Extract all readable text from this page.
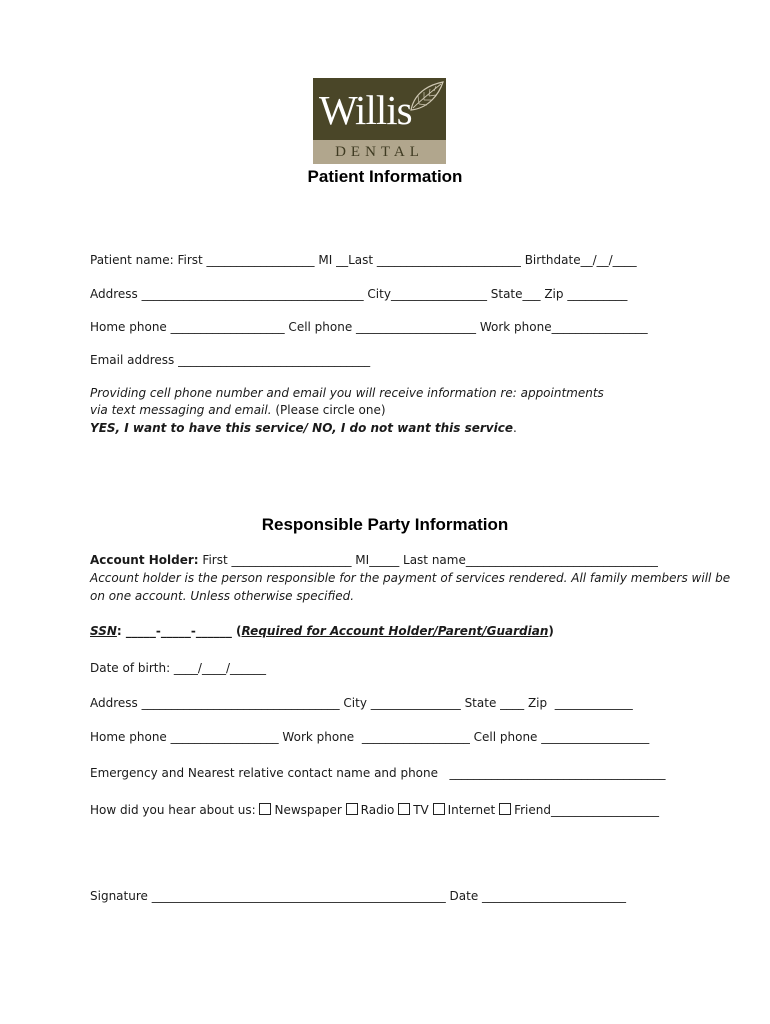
Willis
DENTAL
Patient Information
Patient name: First __________________ MI __Last ________________________ Birthdate__/__/____
Address _____________________________________ City________________ State___ Zip __________
Home phone ___________________ Cell phone ____________________ Work phone________________
Email address ________________________________
Providing cell phone number and email you will receive information re: appointments
via text messaging and email. (Please circle one)
YES, I want to have this service/ NO, I do not want this service.
Responsible Party Information
Account Holder: First ____________________ MI_____ Last name________________________________
Account holder is the person responsible for the payment of services rendered. All family members will be
on one account. Unless otherwise specified.
SSN: _____-_____-______ (Required for Account Holder/Parent/Guardian)
Date of birth: ____/____/______
Address _________________________________ City _______________ State ____ Zip  _____________
Home phone __________________ Work phone  __________________ Cell phone __________________
Emergency and Nearest relative contact name and phone   ____________________________________
How did you hear about us: Newspaper Radio TV Internet Friend__________________
Signature _________________________________________________ Date ________________________
